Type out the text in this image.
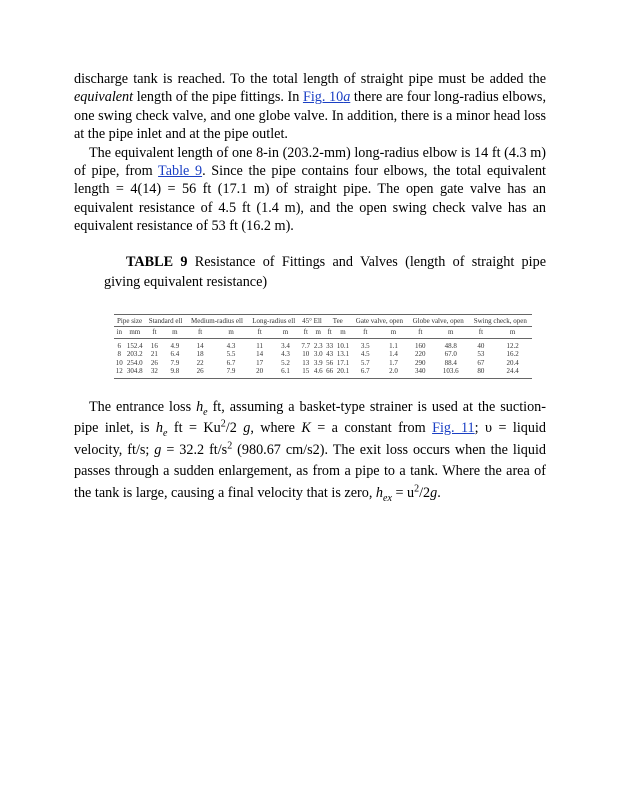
discharge tank is reached. To the total length of straight pipe must be added the equivalent length of the pipe fittings. In Fig. 10a there are four long-radius elbows, one swing check valve, and one globe valve. In addition, there is a minor head loss at the pipe inlet and at the pipe outlet.

The equivalent length of one 8-in (203.2-mm) long-radius elbow is 14 ft (4.3 m) of pipe, from Table 9. Since the pipe contains four elbows, the total equivalent length = 4(14) = 56 ft (17.1 m) of straight pipe. The open gate valve has an equivalent resistance of 4.5 ft (1.4 m), and the open swing check valve has an equivalent resistance of 53 ft (16.2 m).

TABLE 9 Resistance of Fittings and Valves (length of straight pipe giving equivalent resistance)

Pipe size		Standard ell		Medium-radius ell		Long-radius ell		45° Ell		Tee		Gate valve, open		Globe valve, open		Swing check, open	
in	mm	ft	m	ft	m	ft	m	ft	m	ft	m	ft	m	ft	m	ft	m
6	152.4	16	4.9	14	4.3	11	3.4	7.7	2.3	33	10.1	3.5	1.1	160	48.8	40	12.2
8	203.2	21	6.4	18	5.5	14	4.3	10	3.0	43	13.1	4.5	1.4	220	67.0	53	16.2
10	254.0	26	7.9	22	6.7	17	5.2	13	3.9	56	17.1	5.7	1.7	290	88.4	67	20.4
12	304.8	32	9.8	26	7.9	20	6.1	15	4.6	66	20.1	6.7	2.0	340	103.6	80	24.4

The entrance loss $h_e$ ft, assuming a basket-type strainer is used at the suction-pipe inlet, is $h_e$ ft = $Ku^2/2$ g, where K = a constant from Fig. 11; υ = liquid velocity, ft/s; g = 32.2 $ft/s^2$ (980.67 cm/s2). The exit loss occurs when the liquid passes through a sudden enlargement, as from a pipe to a tank. Where the area of the tank is large, causing a final velocity that is zero, $h_{ex} = u^2/2g$.
